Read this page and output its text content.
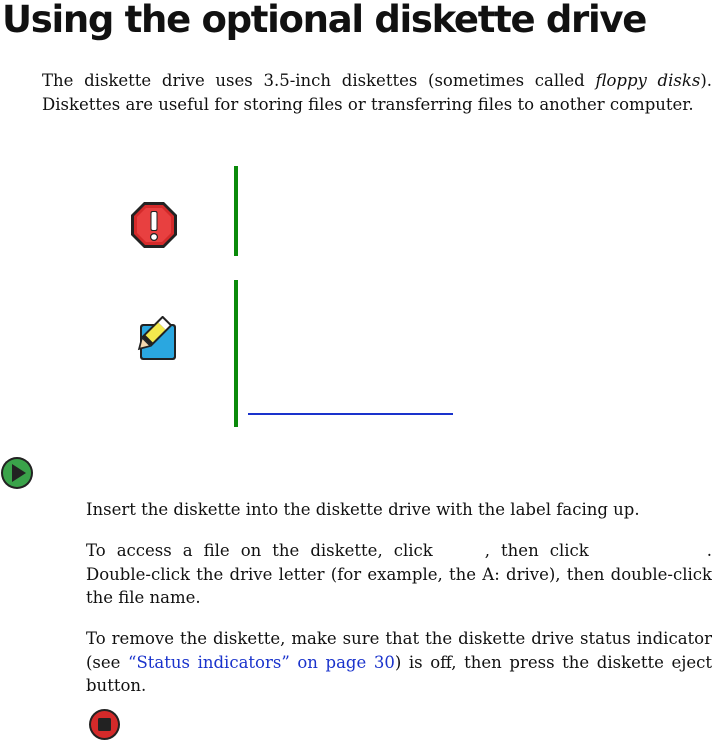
Using the optional diskette drive

The diskette drive uses 3.5-inch diskettes (sometimes called floppy disks). Diskettes are useful for storing files or transferring files to another computer.

Insert the diskette into the diskette drive with the label facing up.

To access a file on the diskette, click	, then click	. Double-click the drive letter (for example, the A: drive), then double-click the file name.

To remove the diskette, make sure that the diskette drive status indicator (see “Status indicators” on page 30) is off, then press the diskette eject button.
